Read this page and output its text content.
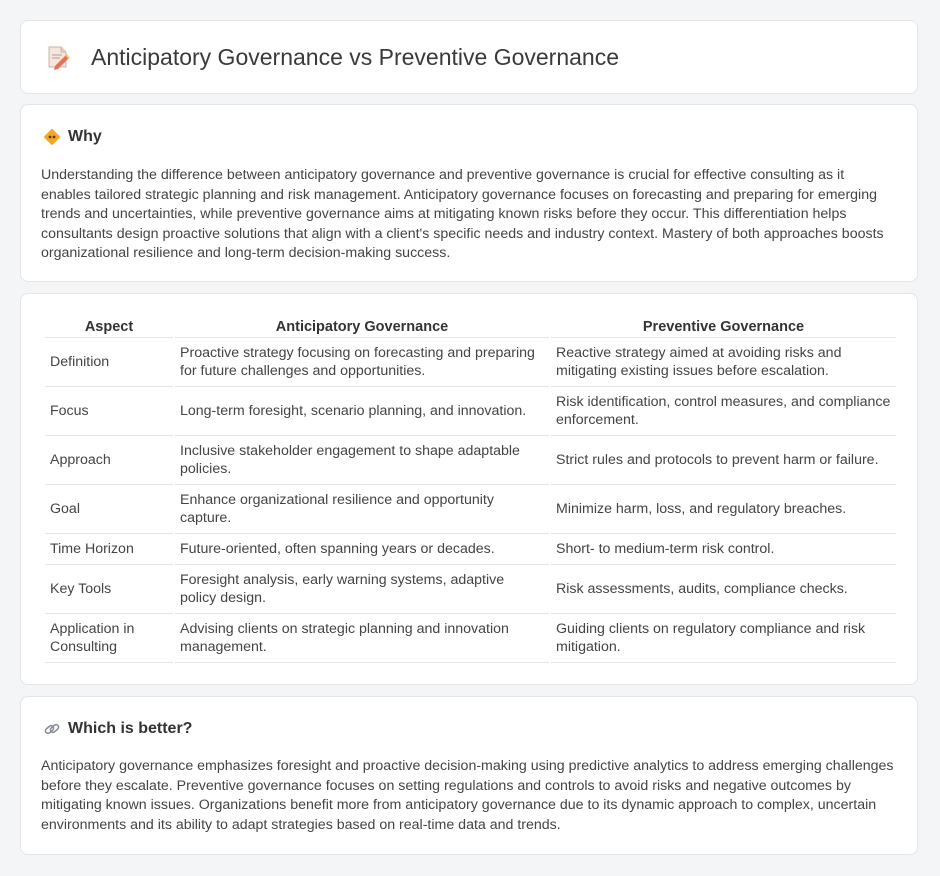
Anticipatory Governance vs Preventive Governance
Why

Understanding the difference between anticipatory governance and preventive governance is crucial for effective consulting as it enables tailored strategic planning and risk management. Anticipatory governance focuses on forecasting and preparing for emerging trends and uncertainties, while preventive governance aims at mitigating known risks before they occur. This differentiation helps consultants design proactive solutions that align with a client's specific needs and industry context. Mastery of both approaches boosts organizational resilience and long-term decision-making success.

Aspect	Anticipatory Governance	Preventive Governance
Definition	Proactive strategy focusing on forecasting and preparing for future challenges and opportunities.	Reactive strategy aimed at avoiding risks and mitigating existing issues before escalation.
Focus	Long-term foresight, scenario planning, and innovation.	Risk identification, control measures, and compliance enforcement.
Approach	Inclusive stakeholder engagement to shape adaptable policies.	Strict rules and protocols to prevent harm or failure.
Goal	Enhance organizational resilience and opportunity capture.	Minimize harm, loss, and regulatory breaches.
Time Horizon	Future-oriented, often spanning years or decades.	Short- to medium-term risk control.
Key Tools	Foresight analysis, early warning systems, adaptive policy design.	Risk assessments, audits, compliance checks.
Application in Consulting	Advising clients on strategic planning and innovation management.	Guiding clients on regulatory compliance and risk mitigation.
Which is better?

Anticipatory governance emphasizes foresight and proactive decision-making using predictive analytics to address emerging challenges before they escalate. Preventive governance focuses on setting regulations and controls to avoid risks and negative outcomes by mitigating known issues. Organizations benefit more from anticipatory governance due to its dynamic approach to complex, uncertain environments and its ability to adapt strategies based on real-time data and trends.
